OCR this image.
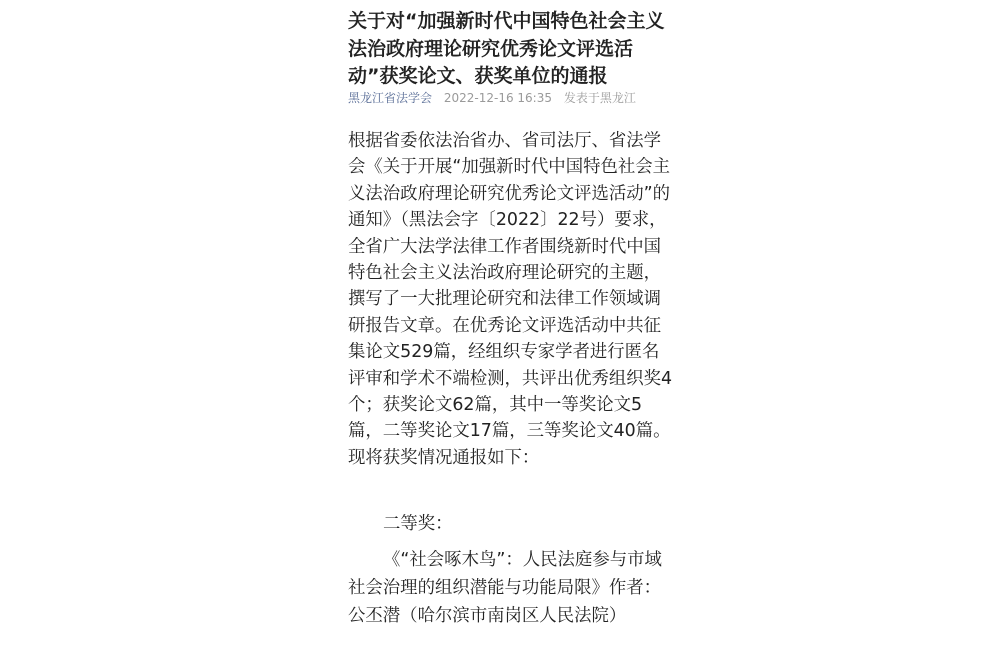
关于对“加强新时代中国特色社会主义法治政府理论研究优秀论文评选活动”获奖论文、获奖单位的通报
黑龙江省法学会 2022-12-16 16:35 发表于黑龙江

根据省委依法治省办、省司法厅、省法学会《关于开展“加强新时代中国特色社会主义法治政府理论研究优秀论文评选活动”的通知》（黑法会字〔2022〕22号）要求，全省广大法学法律工作者围绕新时代中国特色社会主义法治政府理论研究的主题，撰写了一大批理论研究和法律工作领域调研报告文章。在优秀论文评选活动中共征集论文529篇，经组织专家学者进行匿名评审和学术不端检测，共评出优秀组织奖4个；获奖论文62篇，其中一等奖论文5篇，二等奖论文17篇，三等奖论文40篇。现将获奖情况通报如下：

二等奖：

《“社会啄木鸟”：人民法庭参与市域社会治理的组织潜能与功能局限》作者：公丕潜（哈尔滨市南岗区人民法院）
